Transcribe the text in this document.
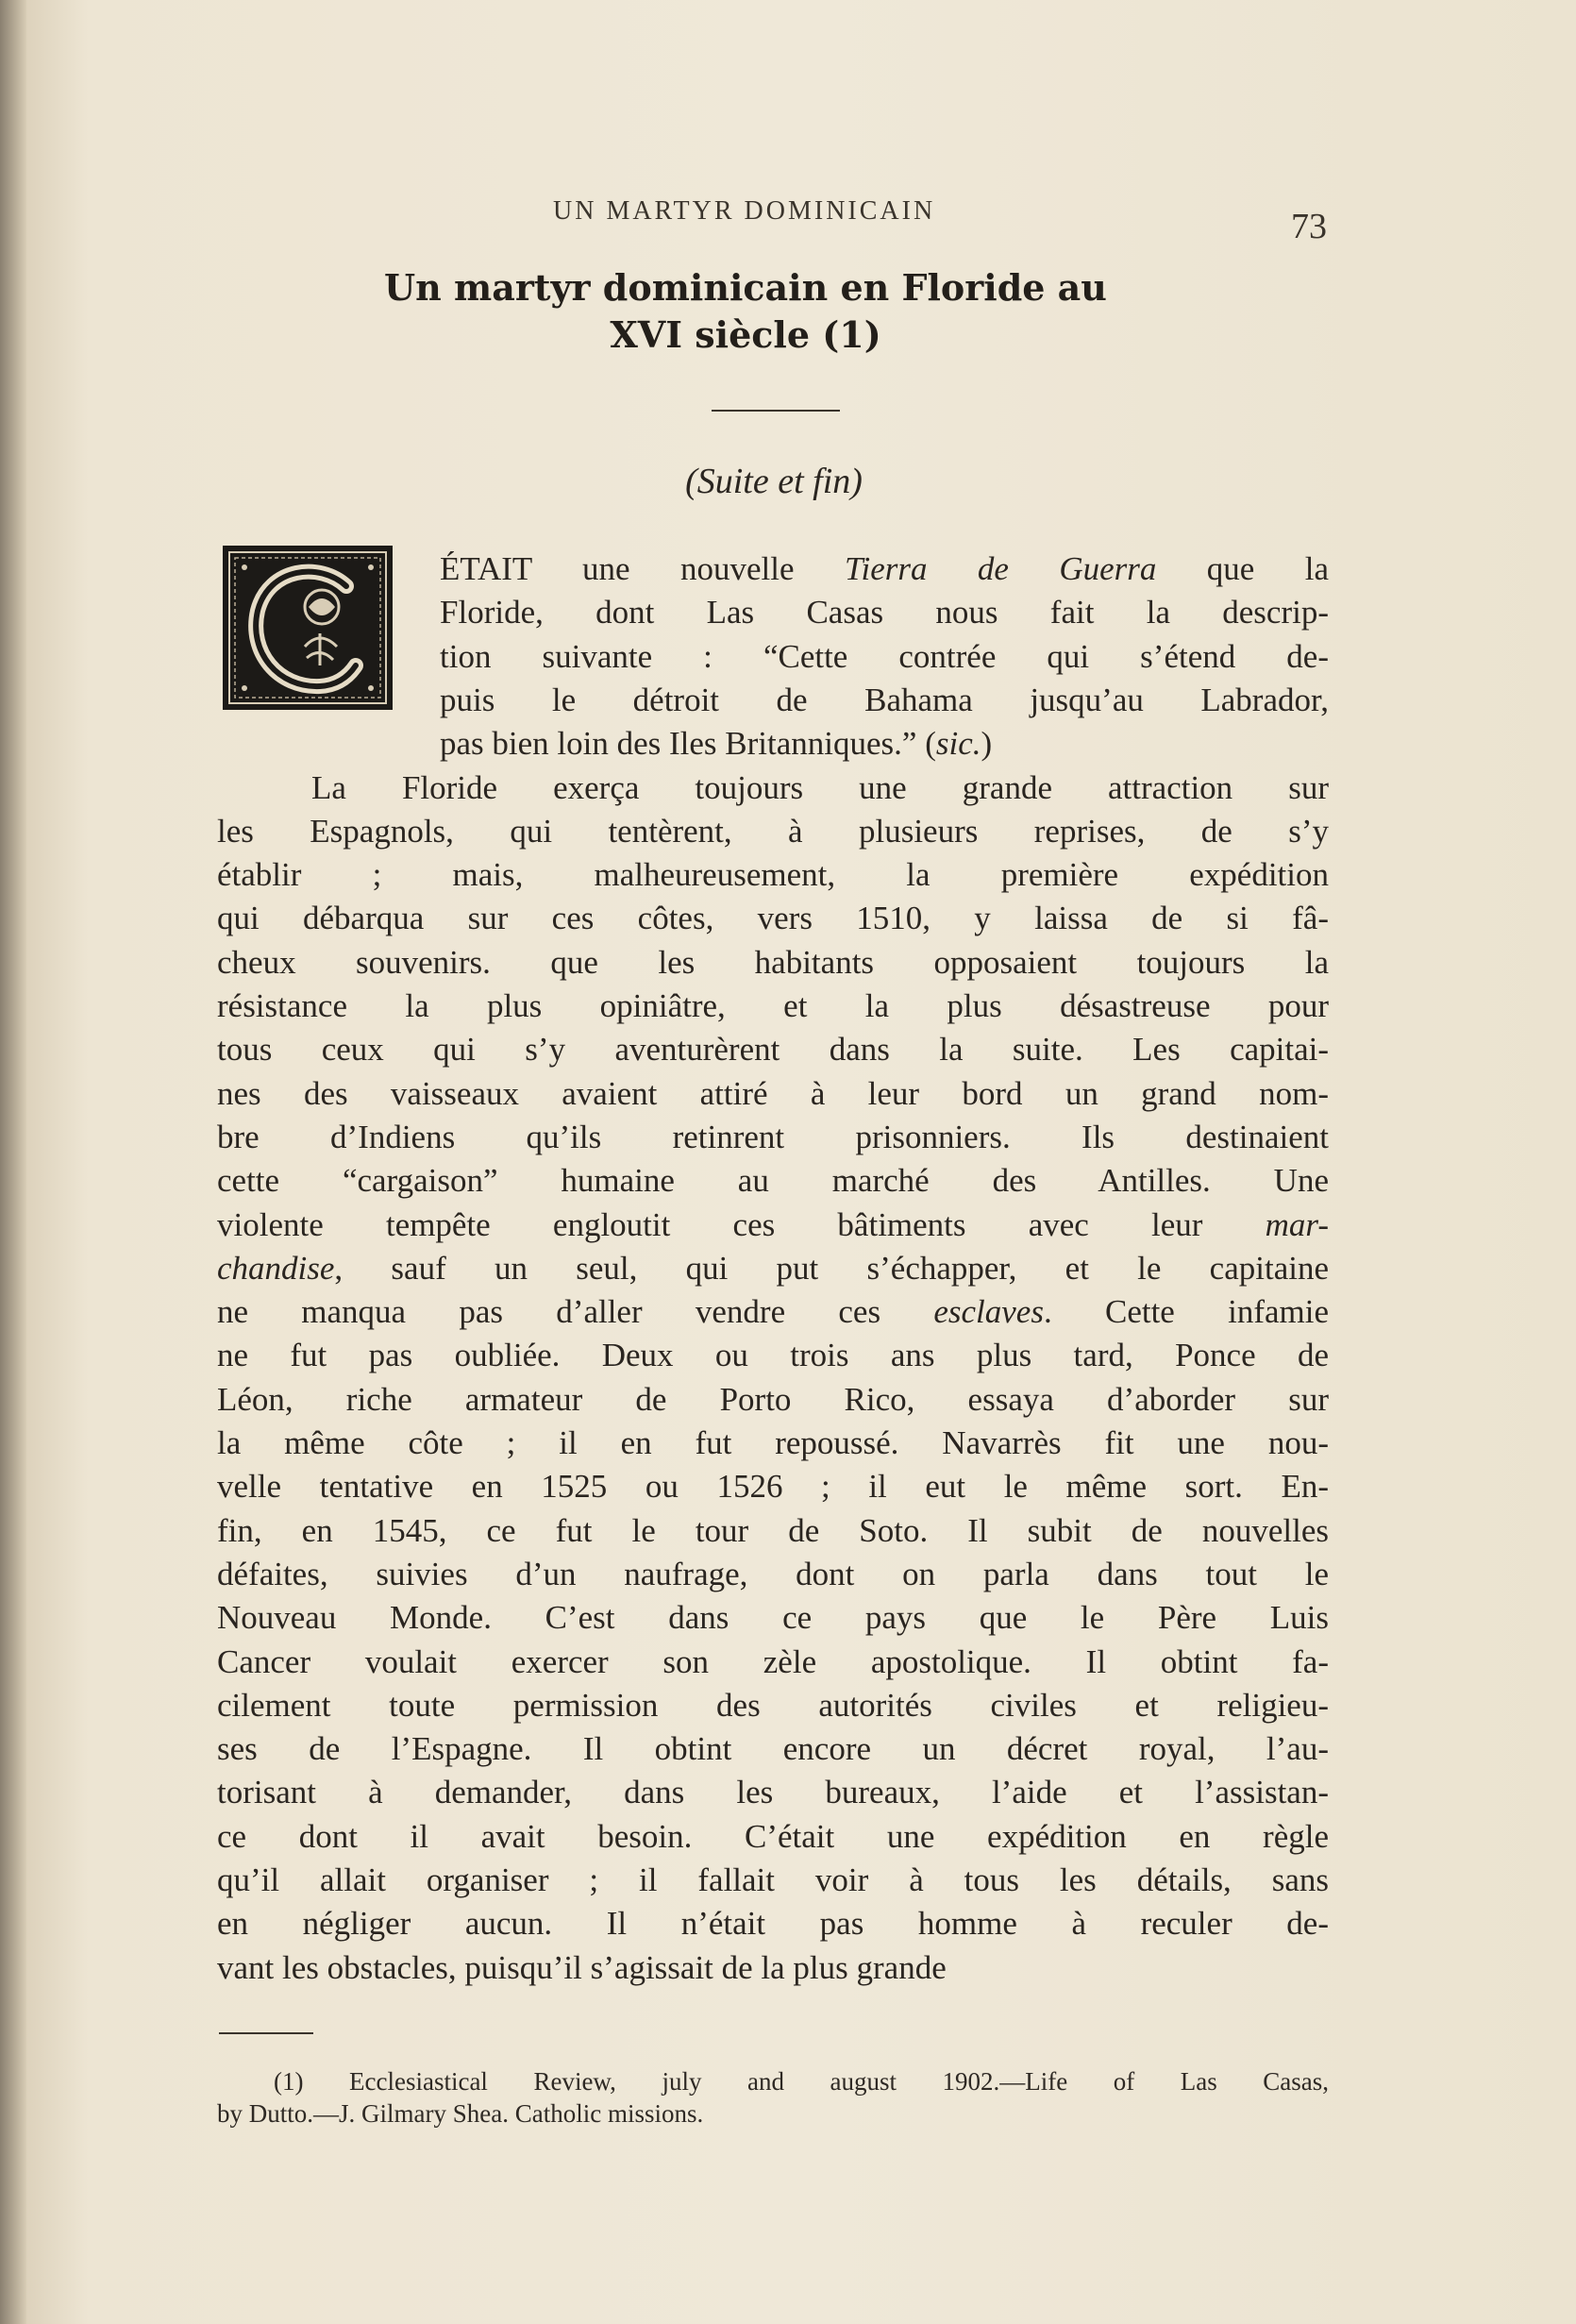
UN MARTYR DOMINICAIN	73
Un martyr dominicain en Floride au
XVI siècle (1)
(Suite et fin)
ÉTAIT une nouvelle Tierra de Guerra que la
Floride, dont Las Casas nous fait la descrip-
tion suivante : “Cette contrée qui s’étend de-
puis le détroit de Bahama jusqu’au Labrador,
pas bien loin des Iles Britanniques.” (sic.)
La Floride exerça toujours une grande attraction sur
les Espagnols, qui tentèrent, à plusieurs reprises, de s’y
établir ; mais, malheureusement, la première expédition
qui débarqua sur ces côtes, vers 1510, y laissa de si fâ-
cheux souvenirs. que les habitants opposaient toujours la
résistance la plus opiniâtre, et la plus désastreuse pour
tous ceux qui s’y aventurèrent dans la suite. Les capitai-
nes des vaisseaux avaient attiré à leur bord un grand nom-
bre d’Indiens qu’ils retinrent prisonniers. Ils destinaient
cette “cargaison” humaine au marché des Antilles. Une
violente tempête engloutit ces bâtiments avec leur mar-
chandise, sauf un seul, qui put s’échapper, et le capitaine
ne manqua pas d’aller vendre ces esclaves. Cette infamie
ne fut pas oubliée. Deux ou trois ans plus tard, Ponce de
Léon, riche armateur de Porto Rico, essaya d’aborder sur
la même côte ; il en fut repoussé. Navarrès fit une nou-
velle tentative en 1525 ou 1526 ; il eut le même sort. En-
fin, en 1545, ce fut le tour de Soto. Il subit de nouvelles
défaites, suivies d’un naufrage, dont on parla dans tout le
Nouveau Monde. C’est dans ce pays que le Père Luis
Cancer voulait exercer son zèle apostolique. Il obtint fa-
cilement toute permission des autorités civiles et religieu-
ses de l’Espagne. Il obtint encore un décret royal, l’au-
torisant à demander, dans les bureaux, l’aide et l’assistan-
ce dont il avait besoin. C’était une expédition en règle
qu’il allait organiser ; il fallait voir à tous les détails, sans
en négliger aucun. Il n’était pas homme à reculer de-
vant les obstacles, puisqu’il s’agissait de la plus grande
(1) Ecclesiastical Review, july and august 1902.—Life of Las Casas,
by Dutto.—J. Gilmary Shea. Catholic missions.
